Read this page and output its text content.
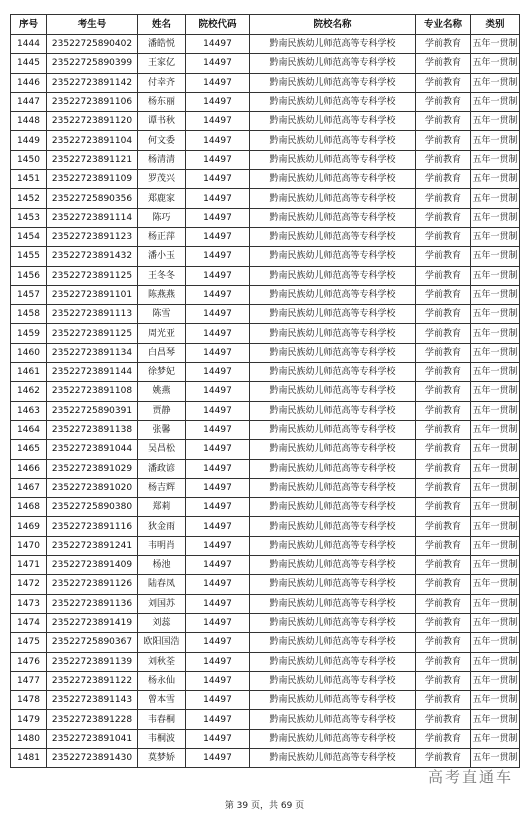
序号	考生号	姓名	院校代码	院校名称	专业名称	类别
1444	23522725890402	潘皓悦	14497	黔南民族幼儿师范高等专科学校	学前教育	五年一贯制
1445	23522725890399	王家亿	14497	黔南民族幼儿师范高等专科学校	学前教育	五年一贯制
1446	23522723891142	付幸齐	14497	黔南民族幼儿师范高等专科学校	学前教育	五年一贯制
1447	23522723891106	杨东丽	14497	黔南民族幼儿师范高等专科学校	学前教育	五年一贯制
1448	23522723891120	谭书秋	14497	黔南民族幼儿师范高等专科学校	学前教育	五年一贯制
1449	23522723891104	何文委	14497	黔南民族幼儿师范高等专科学校	学前教育	五年一贯制
1450	23522723891121	杨清清	14497	黔南民族幼儿师范高等专科学校	学前教育	五年一贯制
1451	23522723891109	罗茂兴	14497	黔南民族幼儿师范高等专科学校	学前教育	五年一贯制
1452	23522725890356	郑鹿家	14497	黔南民族幼儿师范高等专科学校	学前教育	五年一贯制
1453	23522723891114	陈巧	14497	黔南民族幼儿师范高等专科学校	学前教育	五年一贯制
1454	23522723891123	杨正萍	14497	黔南民族幼儿师范高等专科学校	学前教育	五年一贯制
1455	23522723891432	潘小玉	14497	黔南民族幼儿师范高等专科学校	学前教育	五年一贯制
1456	23522723891125	王冬冬	14497	黔南民族幼儿师范高等专科学校	学前教育	五年一贯制
1457	23522723891101	陈燕燕	14497	黔南民族幼儿师范高等专科学校	学前教育	五年一贯制
1458	23522723891113	陈雪	14497	黔南民族幼儿师范高等专科学校	学前教育	五年一贯制
1459	23522723891125	周光亚	14497	黔南民族幼儿师范高等专科学校	学前教育	五年一贯制
1460	23522723891134	白昌琴	14497	黔南民族幼儿师范高等专科学校	学前教育	五年一贯制
1461	23522723891144	徐梦妃	14497	黔南民族幼儿师范高等专科学校	学前教育	五年一贯制
1462	23522723891108	姚燕	14497	黔南民族幼儿师范高等专科学校	学前教育	五年一贯制
1463	23522725890391	贾静	14497	黔南民族幼儿师范高等专科学校	学前教育	五年一贯制
1464	23522723891138	张馨	14497	黔南民族幼儿师范高等专科学校	学前教育	五年一贯制
1465	23522723891044	吴昌松	14497	黔南民族幼儿师范高等专科学校	学前教育	五年一贯制
1466	23522723891029	潘政谚	14497	黔南民族幼儿师范高等专科学校	学前教育	五年一贯制
1467	23522723891020	杨吉辉	14497	黔南民族幼儿师范高等专科学校	学前教育	五年一贯制
1468	23522725890380	郑莉	14497	黔南民族幼儿师范高等专科学校	学前教育	五年一贯制
1469	23522723891116	狄金雨	14497	黔南民族幼儿师范高等专科学校	学前教育	五年一贯制
1470	23522723891241	韦明肖	14497	黔南民族幼儿师范高等专科学校	学前教育	五年一贯制
1471	23522723891409	杨池	14497	黔南民族幼儿师范高等专科学校	学前教育	五年一贯制
1472	23522723891126	陆春凤	14497	黔南民族幼儿师范高等专科学校	学前教育	五年一贯制
1473	23522723891136	刘国苏	14497	黔南民族幼儿师范高等专科学校	学前教育	五年一贯制
1474	23522723891419	刘蕊	14497	黔南民族幼儿师范高等专科学校	学前教育	五年一贯制
1475	23522725890367	欧阳国浩	14497	黔南民族幼儿师范高等专科学校	学前教育	五年一贯制
1476	23522723891139	刘秋荃	14497	黔南民族幼儿师范高等专科学校	学前教育	五年一贯制
1477	23522723891122	杨永仙	14497	黔南民族幼儿师范高等专科学校	学前教育	五年一贯制
1478	23522723891143	曾本雪	14497	黔南民族幼儿师范高等专科学校	学前教育	五年一贯制
1479	23522723891228	韦春桐	14497	黔南民族幼儿师范高等专科学校	学前教育	五年一贯制
1480	23522723891041	韦桐波	14497	黔南民族幼儿师范高等专科学校	学前教育	五年一贯制
1481	23522723891430	莫梦娇	14497	黔南民族幼儿师范高等专科学校	学前教育	五年一贯制
高考直通车
第 39 页，共 69 页
